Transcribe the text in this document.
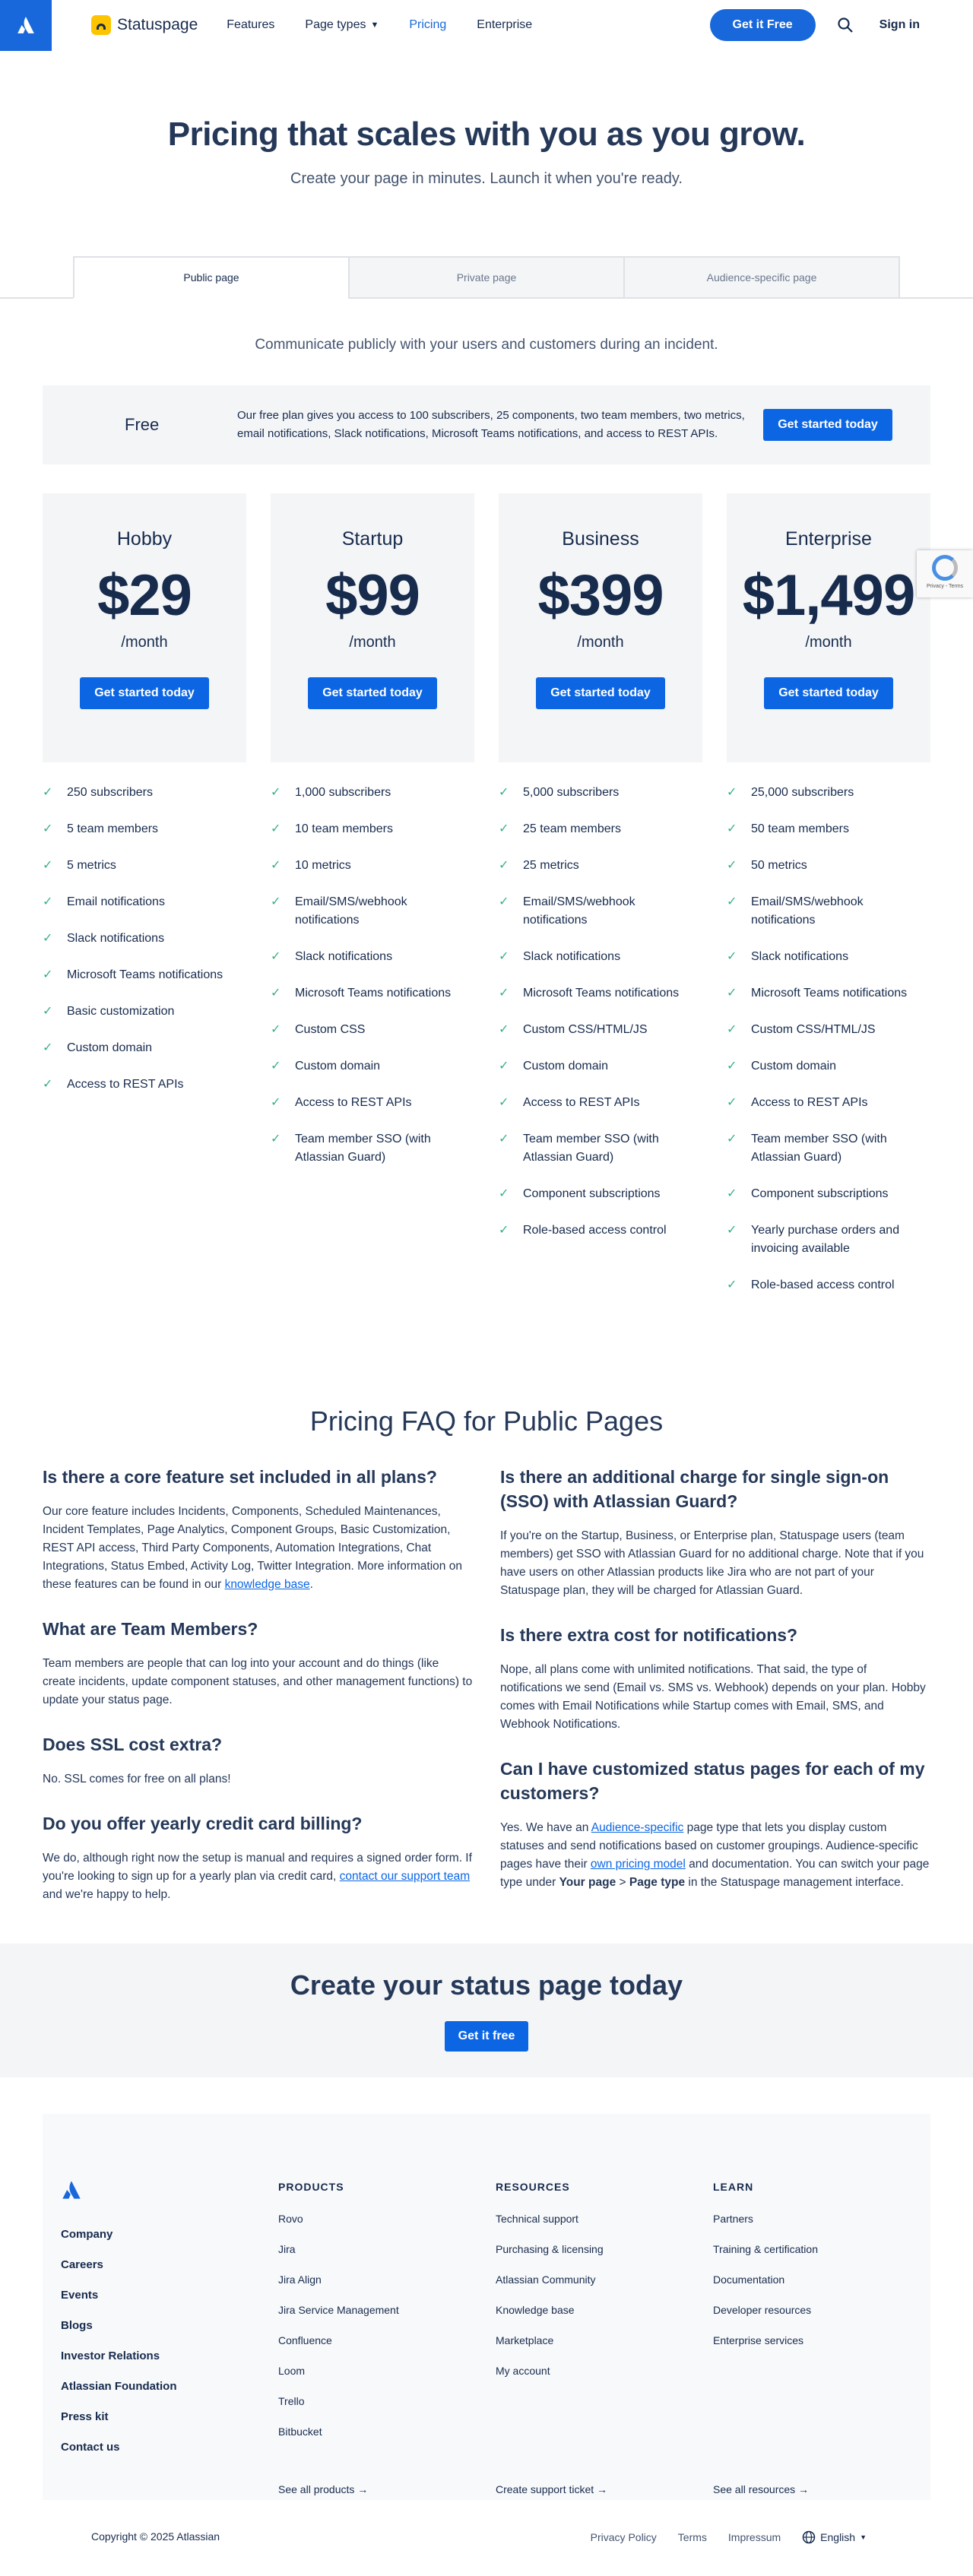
Statuspage Features	Page types ▼	Pricing	Enterprise	Get it Free	Sign in
Pricing that scales with you as you grow.

Create your page in minutes. Launch it when you're ready.

Public page	Private page	Audience-specific page
Communicate publicly with your users and customers during an incident.
Free	Our free plan gives you access to 100 subscribers, 25 components, two team members, two metrics, email notifications, Slack notifications, Microsoft Teams notifications, and access to REST APIs.
Get started today
Hobby
$29
/month
Get started today
✓ 250 subscribers
✓ 5 team members
✓ 5 metrics
✓ Email notifications
✓ Slack notifications
✓ Microsoft Teams notifications
✓ Basic customization
✓ Custom domain
✓ Access to REST APIs
Startup
$99
/month
Get started today
✓ 1,000 subscribers
✓ 10 team members
✓ 10 metrics
✓ Email/SMS/webhook notifications
✓ Slack notifications
✓ Microsoft Teams notifications
✓ Custom CSS
✓ Custom domain
✓ Access to REST APIs
✓ Team member SSO (with Atlassian Guard)
Business
$399
/month
Get started today
✓ 5,000 subscribers
✓ 25 team members
✓ 25 metrics
✓ Email/SMS/webhook notifications
✓ Slack notifications
✓ Microsoft Teams notifications
✓ Custom CSS/HTML/JS
✓ Custom domain
✓ Access to REST APIs
✓ Team member SSO (with Atlassian Guard)
✓ Component subscriptions
✓ Role-based access control
Enterprise
$1,499
/month
Get started today
✓ 25,000 subscribers
✓ 50 team members
✓ 50 metrics
✓ Email/SMS/webhook notifications
✓ Slack notifications
✓ Microsoft Teams notifications
✓ Custom CSS/HTML/JS
✓ Custom domain
✓ Access to REST APIs
✓ Team member SSO (with Atlassian Guard)
✓ Component subscriptions
✓ Yearly purchase orders and invoicing available
✓ Role-based access control
Pricing FAQ for Public Pages
Is there a core feature set included in all plans?
Our core feature includes Incidents, Components, Scheduled Maintenances, Incident Templates, Page Analytics, Component Groups, Basic Customization, REST API access, Third Party Components, Automation Integrations, Chat Integrations, Status Embed, Activity Log, Twitter Integration. More information on these features can be found in our knowledge base.
What are Team Members?
Team members are people that can log into your account and do things (like create incidents, update component statuses, and other management functions) to update your status page.
Does SSL cost extra?
No. SSL comes for free on all plans!
Do you offer yearly credit card billing?
We do, although right now the setup is manual and requires a signed order form. If you're looking to sign up for a yearly plan via credit card, contact our support team and we're happy to help.
Is there an additional charge for single sign-on (SSO) with Atlassian Guard?
If you're on the Startup, Business, or Enterprise plan, Statuspage users (team members) get SSO with Atlassian Guard for no additional charge. Note that if you have users on other Atlassian products like Jira who are not part of your Statuspage plan, they will be charged for Atlassian Guard.
Is there extra cost for notifications?
Nope, all plans come with unlimited notifications. That said, the type of notifications we send (Email vs. SMS vs. Webhook) depends on your plan. Hobby comes with Email Notifications while Startup comes with Email, SMS, and Webhook Notifications.
Can I have customized status pages for each of my customers?
Yes. We have an Audience-specific page type that lets you display custom statuses and send notifications based on customer groupings. Audience-specific pages have their own pricing model and documentation. You can switch your page type under Your page > Page type in the Statuspage management interface.
Create your status page today
Get it free
Company
Careers
Events
Blogs
Investor Relations
Atlassian Foundation
Press kit
Contact us
PRODUCTS
Rovo
Jira
Jira Align
Jira Service Management
Confluence
Loom
Trello
Bitbucket
RESOURCES
Technical support
Purchasing & licensing
Atlassian Community
Knowledge base
Marketplace
My account
LEARN
Partners
Training & certification
Documentation
Developer resources
Enterprise services
See all products →	Create support ticket →	See all resources →
Copyright © 2025 Atlassian	Privacy Policy Terms Impressum	English ▼
Privacy - Terms
